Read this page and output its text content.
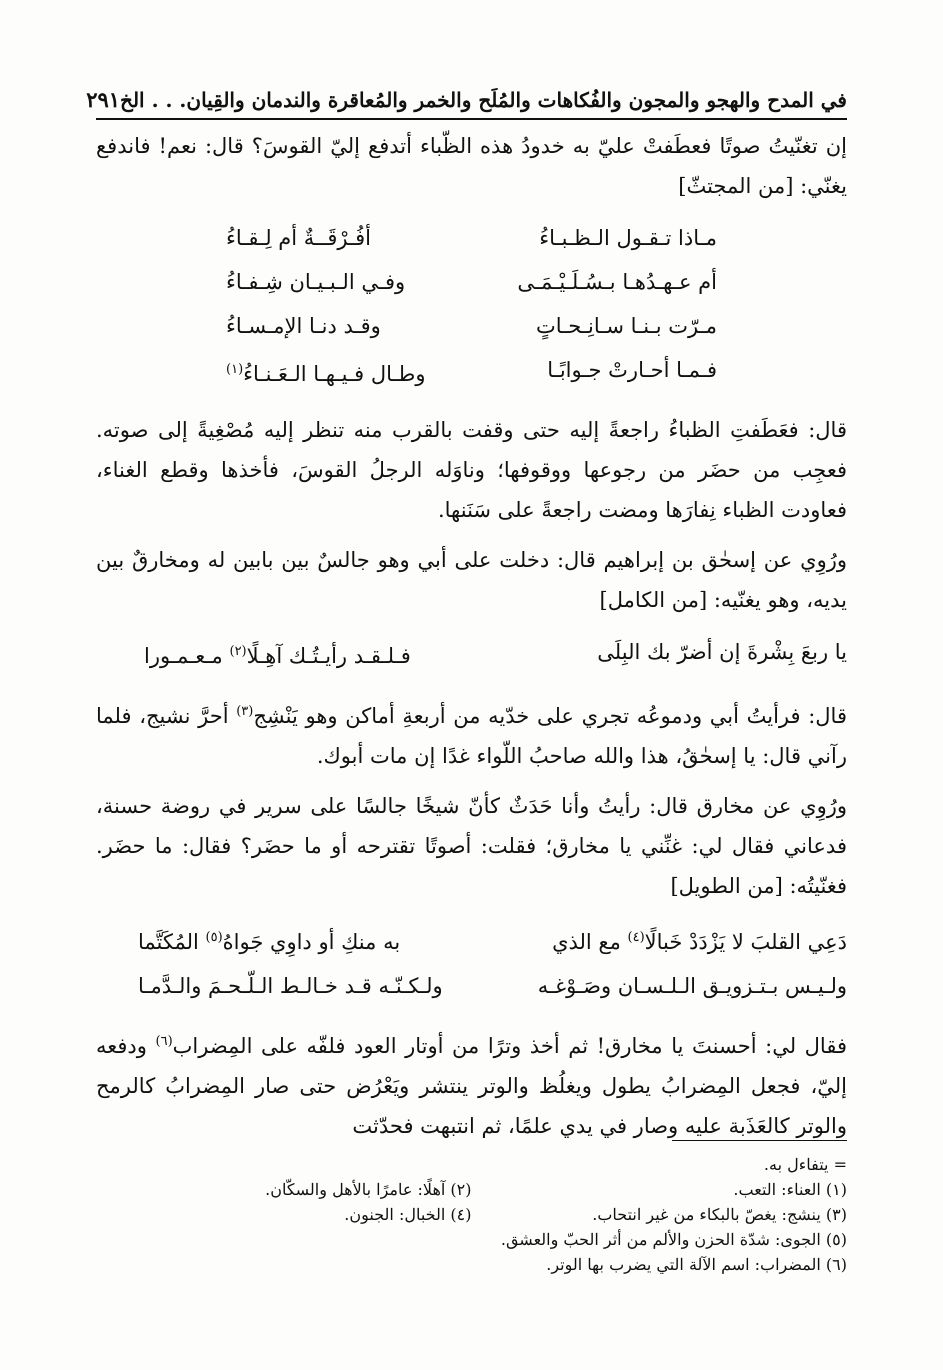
في المدح والهجو والمجون والفُكاهات والمُلَح والخمر والمُعاقرة والندمان والقِيان. . . الخ
٢٩١

إن تغنّيتُ صوتًا فعطَفتْ عليّ به خدودُ هذه الظّباء أتدفع إليّ القوسَ؟ قال: نعم! فاندفع يغنّي: [من المجتثّ]

مـاذا تـقـول الـظـبـاءُ
أفُـرْقَــةٌ أم لِـقـاءُ
أم عـهـدُهـا بـسُـلَـيْـمَـى
وفـي الـبـيـان شِـفـاءُ
مـرّت بـنـا سـانِـحـاتٍ
وقـد دنـا الإمـسـاءُ
فـمـا أحـارتْ جـوابًـا
وطـال فـيـهـا الـعَـنـاءُ$^{(١)}$

قال: فعَطَفتِ الظباءُ راجعةً إليه حتى وقفت بالقرب منه تنظر إليه مُصْغِيةً إلى صوته. فعجِب من حضَر من رجوعها ووقوفها؛ وناوَله الرجلُ القوسَ، فأخذها وقطع الغناء، فعاودت الظباء نِفارَها ومضت راجعةً على سَنَنها.

ورُوِي عن إسحٰق بن إبراهيم قال: دخلت على أبي وهو جالسٌ بين بابين له ومخارقٌ بين يديه، وهو يغنّيه: [من الكامل]

يا ربعَ بِشْرةَ إن أضرّ بك البِلَى
فـلـقـد رأيـتُـك آهِـلًا$^{(٢)}$ مـعـمـورا

قال: فرأيتُ أبي ودموعُه تجري على خدّيه من أربعةِ أماكن وهو يَنْشِج$^{(٣)}$ أحرَّ نشيج، فلما رآني قال: يا إسحٰقُ، هذا والله صاحبُ اللّواء غدًا إن مات أبوك.

ورُوِي عن مخارق قال: رأيتُ وأنا حَدَثٌ كأنّ شيخًا جالسًا على سرير في روضة حسنة، فدعاني فقال لي: غنِّني يا مخارق؛ فقلت: أصوتًا تقترحه أو ما حضَر؟ فقال: ما حضَر. فغنّيتُه: [من الطويل]

دَعِي القلبَ لا يَزْدَدْ خَبالًا$^{(٤)}$ مع الذي
به منكِ أو داوِي جَواهُ$^{(٥)}$ المُكَتَّما
ولـيـس بـتـزويـق الـلـسـان وصَـوْغـه
ولـكـنّـه قـد خـالـط الـلّـحـمَ والـدَّمـا

فقال لي: أحسنتَ يا مخارق! ثم أخذ وترًا من أوتار العود فلفّه على المِضراب$^{(٦)}$ ودفعه إليّ، فجعل المِضرابُ يطول ويغلُظ والوتر ينتشر ويَعْرُض حتى صار المِضرابُ كالرمح والوتر كالعَذَبة عليه وصار في يدي علمًا، ثم انتبهت فحدّثت

= يتفاءل به.
(١) العناء: التعب.
(٢) آهلًا: عامرًا بالأهل والسكّان.
(٣) ينشج: يغصّ بالبكاء من غير انتحاب.
(٤) الخبال: الجنون.
(٥) الجوى: شدّة الحزن والألم من أثر الحبّ والعشق.
(٦) المضراب: اسم الآلة التي يضرب بها الوتر.
